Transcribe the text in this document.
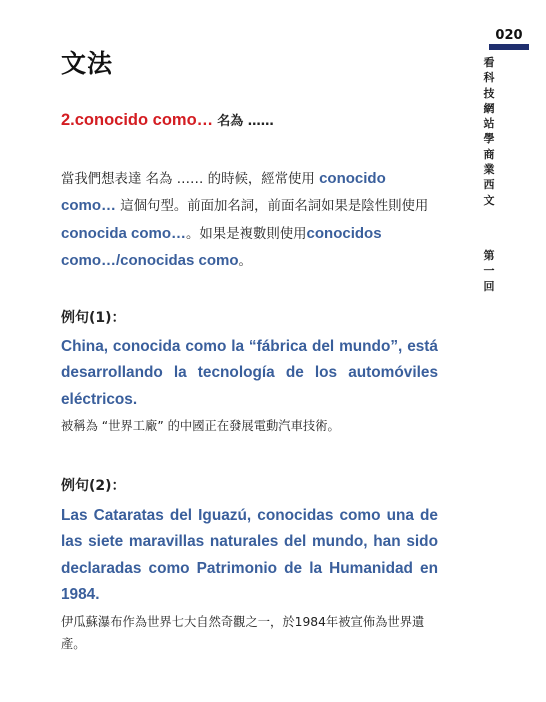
020
看
科
技
網
站
學
商
業
西
文
第
一
回
文法
2.conocido como… 名為 ……
當我們想表達 名為 …… 的時候，經常使用 conocido como… 這個句型。前面加名詞，前面名詞如果是陰性則使用 conocida como…。如果是複數則使用conocidos como…/conocidas como。
例句(1)：
China, conocida como la “fábrica del mundo”, está desarrollando la tecnología de los automóviles eléctricos.
被稱為 “世界工廠” 的中國正在發展電動汽車技術。
例句(2)：
Las Cataratas del Iguazú, conocidas como una de las siete maravillas naturales del mundo, han sido declaradas como Patrimonio de la Humanidad en 1984.
伊瓜蘇瀑布作為世界七大自然奇觀之一，於1984年被宣佈為世界遺產。
